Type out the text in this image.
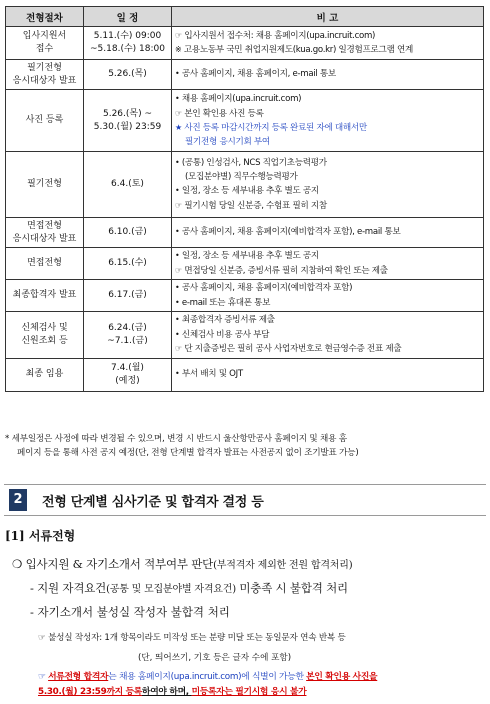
전형절차	일 정	비 고

입사지원서
접수	5.11.(수) 09:00
~5.18.(수) 18:00	☞ 입사지원서 접수처: 채용 홈페이지(upa.incruit.com)
※ 고용노동부 국민 취업지원제도(kua.go.kr) 일경험프로그램 연계

필기전형
응시대상자 발표	5.26.(목)	• 공사 홈페이지, 채용 홈페이지, e-mail 통보

사진 등록	5.26.(목) ~
5.30.(월) 23:59	• 채용 홈페이지(upa.incruit.com)
☞ 본인 확인용 사진 등록
★ 사진 등록 마감시간까지 등록 완료된 자에 대해서만
필기전형 응시기회 부여

필기전형	6.4.(토)	• (공통) 인성검사, NCS 직업기초능력평가
(모집분야별) 직무수행능력평가
• 일정, 장소 등 세부내용 추후 별도 공지
☞ 필기시험 당일 신분증, 수험표 필히 지참

면접전형
응시대상자 발표	6.10.(금)	• 공사 홈페이지, 채용 홈페이지(예비합격자 포함), e-mail 통보

면접전형	6.15.(수)	• 일정, 장소 등 세부내용 추후 별도 공지
☞ 면접당일 신분증, 증빙서류 필히 지참하여 확인 또는 제출

최종합격자 발표	6.17.(금)	• 공사 홈페이지, 채용 홈페이지(예비합격자 포함)
• e-mail 또는 휴대폰 통보

신체검사 및
신원조회 등	6.24.(금)
~7.1.(금)	• 최종합격자 증빙서류 제출
• 신체검사 비용 공사 부담
☞ 단 지출증빙은 필히 공사 사업자번호로 현금영수증 전표 제출

최종 임용	7.4.(월)
(예정)	• 부서 배치 및 OJT
* 세부일정은 사정에 따라 변경될 수 있으며, 변경 시 반드시 울산항만공사 홈페이지 및 채용 홈
페이지 등을 통해 사전 공지 예정(단, 전형 단계별 합격자 발표는 사전공지 없이 조기발표 가능)
2	전형 단계별 심사기준 및 합격자 결정 등
[1] 서류전형
❍ 입사지원 & 자기소개서 적부여부 판단(부적격자 제외한 전원 합격처리)
- 지원 자격요건(공통 및 모집분야별 자격요건) 미충족 시 불합격 처리
- 자기소개서 불성실 작성자 불합격 처리
☞ 불성실 작성자: 1개 항목이라도 미작성 또는 분량 미달 또는 동일문자 연속 반복 등
(단, 띄어쓰기, 기호 등은 글자 수에 포함)
☞ 서류전형 합격자는 채용 홈페이지(upa.incruit.com)에 식별이 가능한 본인 확인용 사진을
5.30.(월) 23:59까지 등록하여야 하며, 미등록자는 필기시험 응시 불가
